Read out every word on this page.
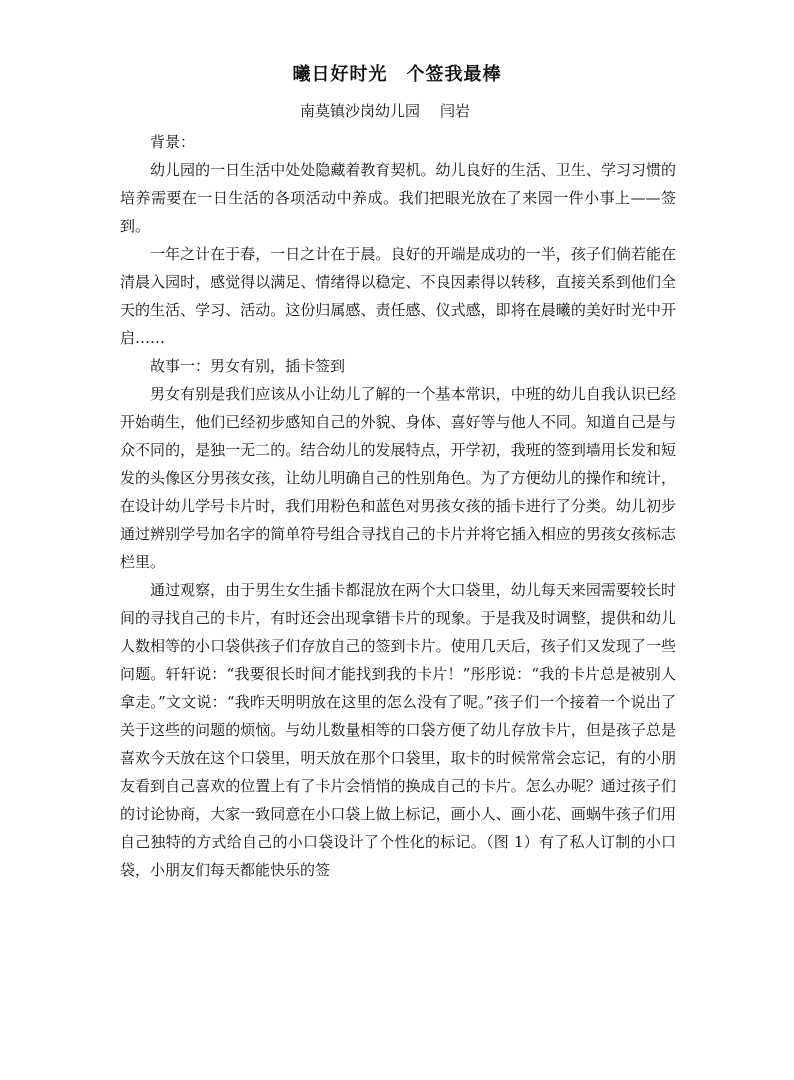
曦日好时光　个签我最棒
南莫镇沙岗幼儿园 闫岩

背景：

幼儿园的一日生活中处处隐藏着教育契机。幼儿良好的生活、卫生、学习习惯的培养需要在一日生活的各项活动中养成。我们把眼光放在了来园一件小事上——签到。

一年之计在于春，一日之计在于晨。良好的开端是成功的一半，孩子们倘若能在清晨入园时，感觉得以满足、情绪得以稳定、不良因素得以转移，直接关系到他们全天的生活、学习、活动。这份归属感、责任感、仪式感，即将在晨曦的美好时光中开启……

故事一：男女有别，插卡签到

男女有别是我们应该从小让幼儿了解的一个基本常识，中班的幼儿自我认识已经开始萌生，他们已经初步感知自己的外貌、身体、喜好等与他人不同。知道自己是与众不同的，是独一无二的。结合幼儿的发展特点，开学初，我班的签到墙用长发和短发的头像区分男孩女孩，让幼儿明确自己的性别角色。为了方便幼儿的操作和统计，在设计幼儿学号卡片时，我们用粉色和蓝色对男孩女孩的插卡进行了分类。幼儿初步通过辨别学号加名字的简单符号组合寻找自己的卡片并将它插入相应的男孩女孩标志栏里。

通过观察，由于男生女生插卡都混放在两个大口袋里，幼儿每天来园需要较长时间的寻找自己的卡片，有时还会出现拿错卡片的现象。于是我及时调整，提供和幼儿人数相等的小口袋供孩子们存放自己的签到卡片。使用几天后，孩子们又发现了一些问题。轩轩说：“我要很长时间才能找到我的卡片！”彤彤说：“我的卡片总是被别人拿走。”文文说：“我昨天明明放在这里的怎么没有了呢。”孩子们一个接着一个说出了关于这些的问题的烦恼。与幼儿数量相等的口袋方便了幼儿存放卡片，但是孩子总是喜欢今天放在这个口袋里，明天放在那个口袋里，取卡的时候常常会忘记，有的小朋友看到自己喜欢的位置上有了卡片会悄悄的换成自己的卡片。怎么办呢？通过孩子们的讨论协商，大家一致同意在小口袋上做上标记，画小人、画小花、画蜗牛孩子们用自己独特的方式给自己的小口袋设计了个性化的标记。（图 1）有了私人订制的小口袋，小朋友们每天都能快乐的签
